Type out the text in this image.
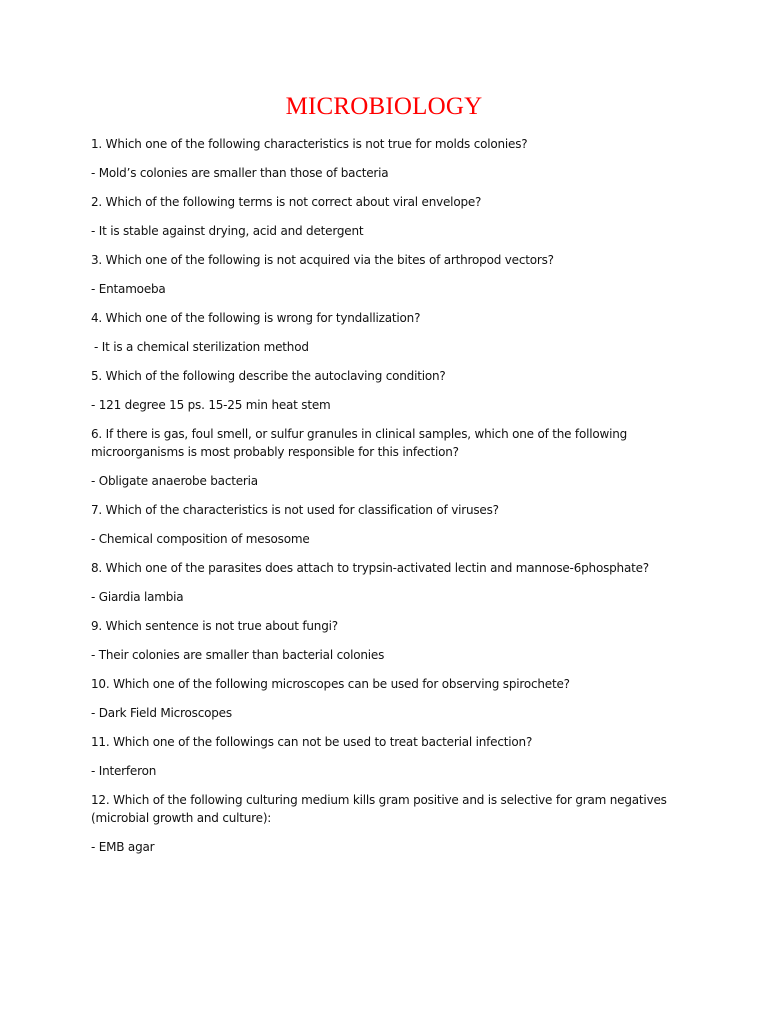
MICROBIOLOGY

1. Which one of the following characteristics is not true for molds colonies?

- Mold’s colonies are smaller than those of bacteria

2. Which of the following terms is not correct about viral envelope?

- It is stable against drying, acid and detergent

3. Which one of the following is not acquired via the bites of arthropod vectors?

- Entamoeba

4. Which one of the following is wrong for tyndallization?

- It is a chemical sterilization method

5. Which of the following describe the autoclaving condition?

- 121 degree 15 ps. 15-25 min heat stem

6. If there is gas, foul smell, or sulfur granules in clinical samples, which one of the following microorganisms is most probably responsible for this infection?

- Obligate anaerobe bacteria

7. Which of the characteristics is not used for classification of viruses?

- Chemical composition of mesosome

8. Which one of the parasites does attach to trypsin-activated lectin and mannose-6phosphate?

- Giardia lambia

9. Which sentence is not true about fungi?

- Their colonies are smaller than bacterial colonies

10. Which one of the following microscopes can be used for observing spirochete?

- Dark Field Microscopes

11. Which one of the followings can not be used to treat bacterial infection?

- Interferon

12. Which of the following culturing medium kills gram positive and is selective for gram negatives (microbial growth and culture):

- EMB agar
